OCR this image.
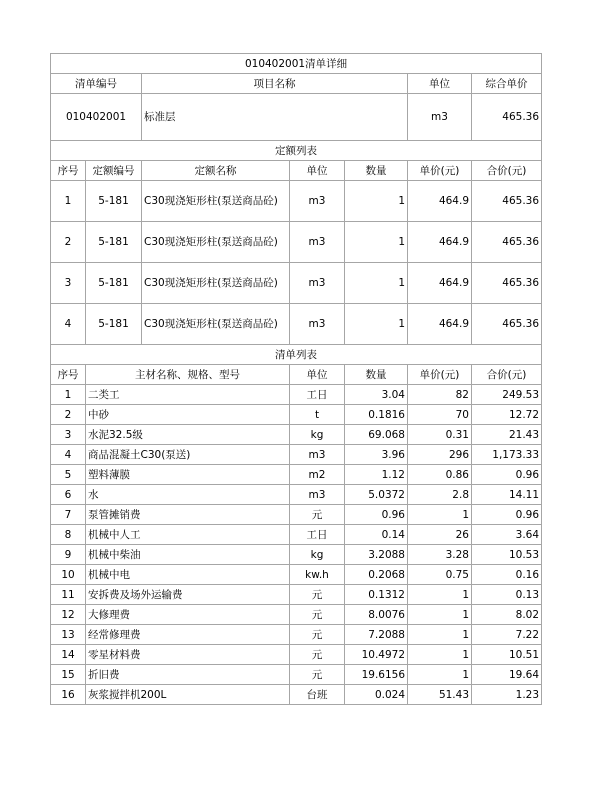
010402001清单详细						
清单编号		项目名称			单位	综合单价
010402001		标准层			m3	465.36
定额列表						
序号	定额编号	定额名称	单位	数量	单价(元)	合价(元)
1	5-181	C30现浇矩形柱(泵送商品砼)	m3	1	464.9	465.36
2	5-181	C30现浇矩形柱(泵送商品砼)	m3	1	464.9	465.36
3	5-181	C30现浇矩形柱(泵送商品砼)	m3	1	464.9	465.36
4	5-181	C30现浇矩形柱(泵送商品砼)	m3	1	464.9	465.36
清单列表						
序号	主材名称、规格、型号		单位	数量	单价(元)	合价(元)
1	二类工		工日	3.04	82	249.53
2	中砂		t	0.1816	70	12.72
3	水泥32.5级		kg	69.068	0.31	21.43
4	商品混凝土C30(泵送)		m3	3.96	296	1,173.33
5	塑料薄膜		m2	1.12	0.86	0.96
6	水		m3	5.0372	2.8	14.11
7	泵管摊销费		元	0.96	1	0.96
8	机械中人工		工日	0.14	26	3.64
9	机械中柴油		kg	3.2088	3.28	10.53
10	机械中电		kw.h	0.2068	0.75	0.16
11	安拆费及场外运输费		元	0.1312	1	0.13
12	大修理费		元	8.0076	1	8.02
13	经常修理费		元	7.2088	1	7.22
14	零星材料费		元	10.4972	1	10.51
15	折旧费		元	19.6156	1	19.64
16	灰浆搅拌机200L		台班	0.024	51.43	1.23
